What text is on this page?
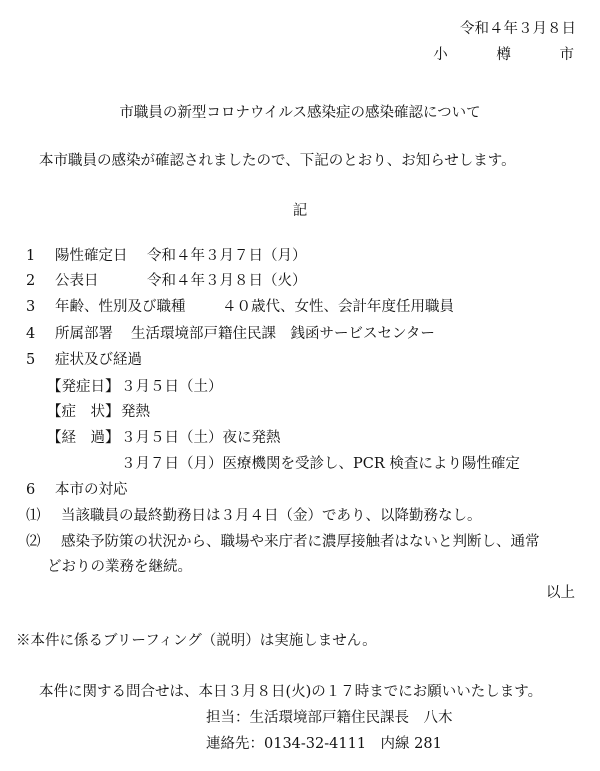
令和４年３月８日
小 樽 市
市職員の新型コロナウイルス感染症の感染確認について
本市職員の感染が確認されましたので、下記のとおり、お知らせします。
記
1 陽性確定日 令和４年３月７日（月）
2 公表日	令和４年３月８日（火）
3 年齢、性別及び職種	４０歳代、女性、会計年度任用職員
4 所属部署 生活環境部戸籍住民課　銭函サービスセンター
5 症状及び経過
【発症日】 ３月５日（土）
【症　状】 発熱
【経　過】 ３月５日（土）夜に発熱
３月７日（月）医療機関を受診し、PCR 検査により陽性確定
6 本市の対応
⑴ 当該職員の最終勤務日は３月４日（金）であり、以降勤務なし。
⑵ 感染予防策の状況から、職場や来庁者に濃厚接触者はないと判断し、通常
どおりの業務を継続。
以上
※本件に係るブリーフィング（説明）は実施しません。
本件に関する問合せは、本日３月８日(火)の１７時までにお願いいたします。
担当：生活環境部戸籍住民課長　八木
連絡先：0134-32-4111　内線 281
